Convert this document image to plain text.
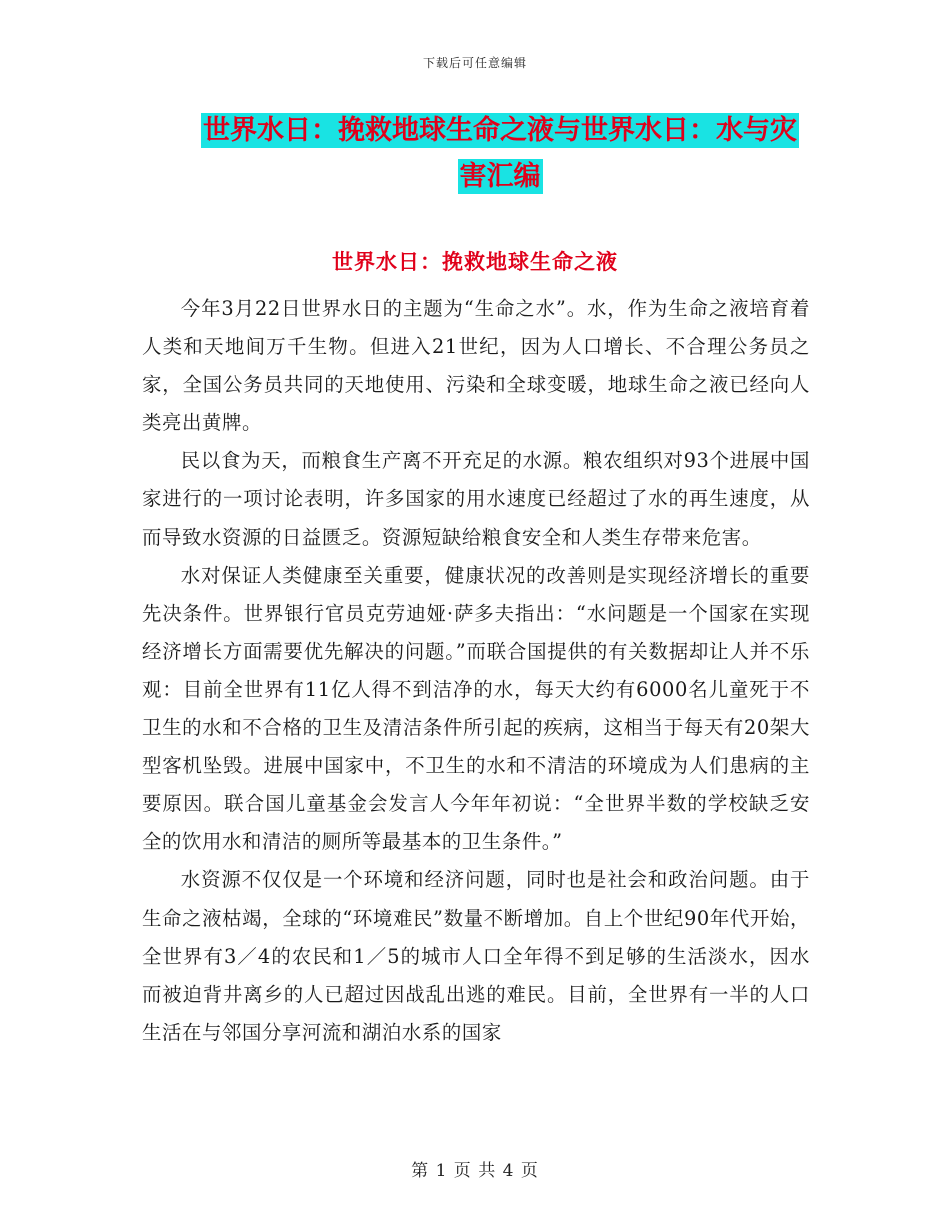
下载后可任意编辑
世界水日：挽救地球生命之液与世界水日：水与灾害汇编
世界水日：挽救地球生命之液

今年3月22日世界水日的主题为“生命之水”。水，作为生命之液培育着人类和天地间万千生物。但进入21世纪，因为人口增长、不合理公务员之家，全国公务员共同的天地使用、污染和全球变暖，地球生命之液已经向人类亮出黄牌。

民以食为天，而粮食生产离不开充足的水源。粮农组织对93个进展中国家进行的一项讨论表明，许多国家的用水速度已经超过了水的再生速度，从而导致水资源的日益匮乏。资源短缺给粮食安全和人类生存带来危害。

水对保证人类健康至关重要，健康状况的改善则是实现经济增长的重要先决条件。世界银行官员克劳迪娅·萨多夫指出：“水问题是一个国家在实现经济增长方面需要优先解决的问题。”而联合国提供的有关数据却让人并不乐观：目前全世界有11亿人得不到洁净的水，每天大约有6000名儿童死于不卫生的水和不合格的卫生及清洁条件所引起的疾病，这相当于每天有20架大型客机坠毁。进展中国家中，不卫生的水和不清洁的环境成为人们患病的主要原因。联合国儿童基金会发言人今年年初说：“全世界半数的学校缺乏安全的饮用水和清洁的厕所等最基本的卫生条件。”

水资源不仅仅是一个环境和经济问题，同时也是社会和政治问题。由于生命之液枯竭，全球的“环境难民”数量不断增加。自上个世纪90年代开始，全世界有3／4的农民和1／5的城市人口全年得不到足够的生活淡水，因水而被迫背井离乡的人已超过因战乱出逃的难民。目前，全世界有一半的人口生活在与邻国分享河流和湖泊水系的国家

第 1 页 共 4 页
